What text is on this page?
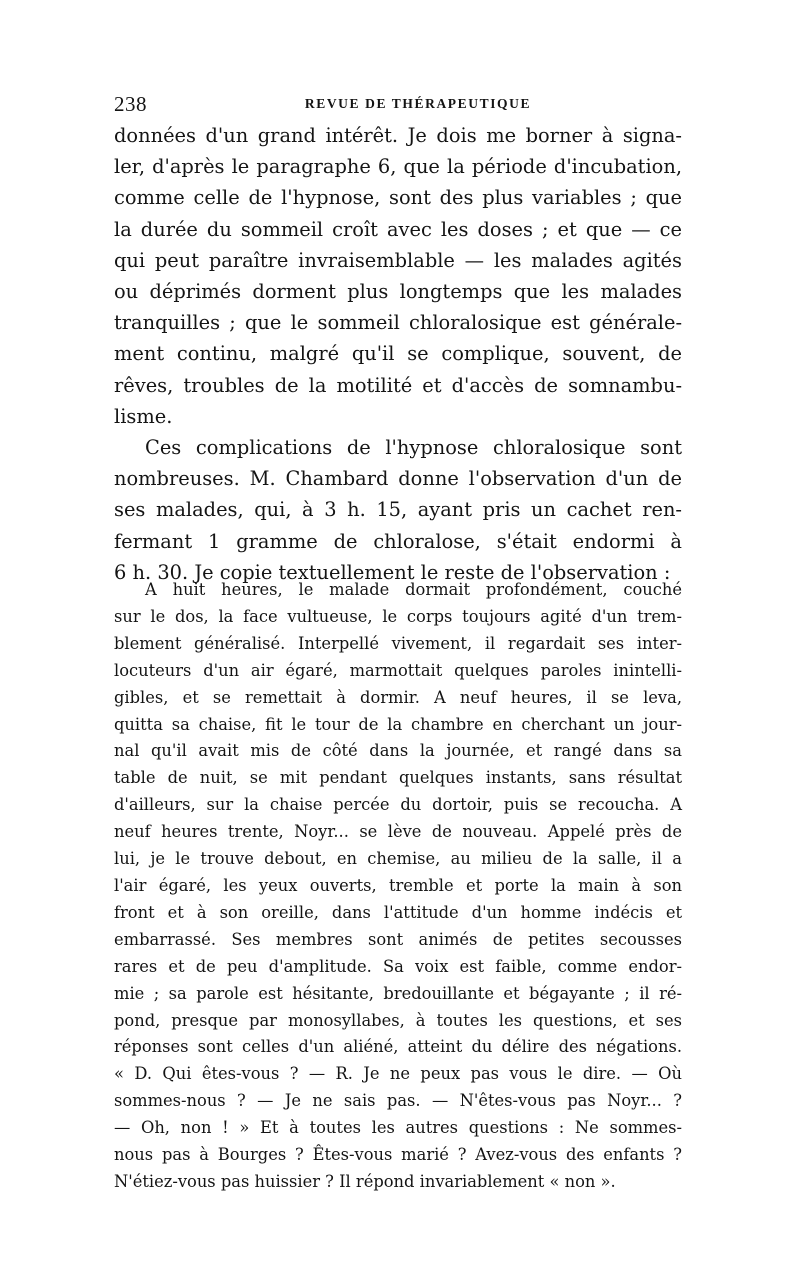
238	REVUE DE THÉRAPEUTIQUE
données d'un grand intérêt. Je dois me borner à signa-
ler, d'après le paragraphe 6, que la période d'incubation,
comme celle de l'hypnose, sont des plus variables ; que
la durée du sommeil croît avec les doses ; et que — ce
qui peut paraître invraisemblable — les malades agités
ou déprimés dorment plus longtemps que les malades
tranquilles ; que le sommeil chloralosique est générale-
ment continu, malgré qu'il se complique, souvent, de
rêves, troubles de la motilité et d'accès de somnambu-
lisme.
Ces complications de l'hypnose chloralosique sont
nombreuses. M. Chambard donne l'observation d'un de
ses malades, qui, à 3 h. 15, ayant pris un cachet ren-
fermant 1 gramme de chloralose, s'était endormi à
6 h. 30. Je copie textuellement le reste de l'observation :
A huit heures, le malade dormait profondément, couché
sur le dos, la face vultueuse, le corps toujours agité d'un trem-
blement généralisé. Interpellé vivement, il regardait ses inter-
locuteurs d'un air égaré, marmottait quelques paroles inintelli-
gibles, et se remettait à dormir. A neuf heures, il se leva,
quitta sa chaise, fit le tour de la chambre en cherchant un jour-
nal qu'il avait mis de côté dans la journée, et rangé dans sa
table de nuit, se mit pendant quelques instants, sans résultat
d'ailleurs, sur la chaise percée du dortoir, puis se recoucha. A
neuf heures trente, Noyr... se lève de nouveau. Appelé près de
lui, je le trouve debout, en chemise, au milieu de la salle, il a
l'air égaré, les yeux ouverts, tremble et porte la main à son
front et à son oreille, dans l'attitude d'un homme indécis et
embarrassé. Ses membres sont animés de petites secousses
rares et de peu d'amplitude. Sa voix est faible, comme endor-
mie ; sa parole est hésitante, bredouillante et bégayante ; il ré-
pond, presque par monosyllabes, à toutes les questions, et ses
réponses sont celles d'un aliéné, atteint du délire des négations.
« D. Qui êtes-vous ? — R. Je ne peux pas vous le dire. — Où
sommes-nous ? — Je ne sais pas. — N'êtes-vous pas Noyr... ?
— Oh, non ! » Et à toutes les autres questions : Ne sommes-
nous pas à Bourges ? Êtes-vous marié ? Avez-vous des enfants ?
N'étiez-vous pas huissier ? Il répond invariablement « non ».
